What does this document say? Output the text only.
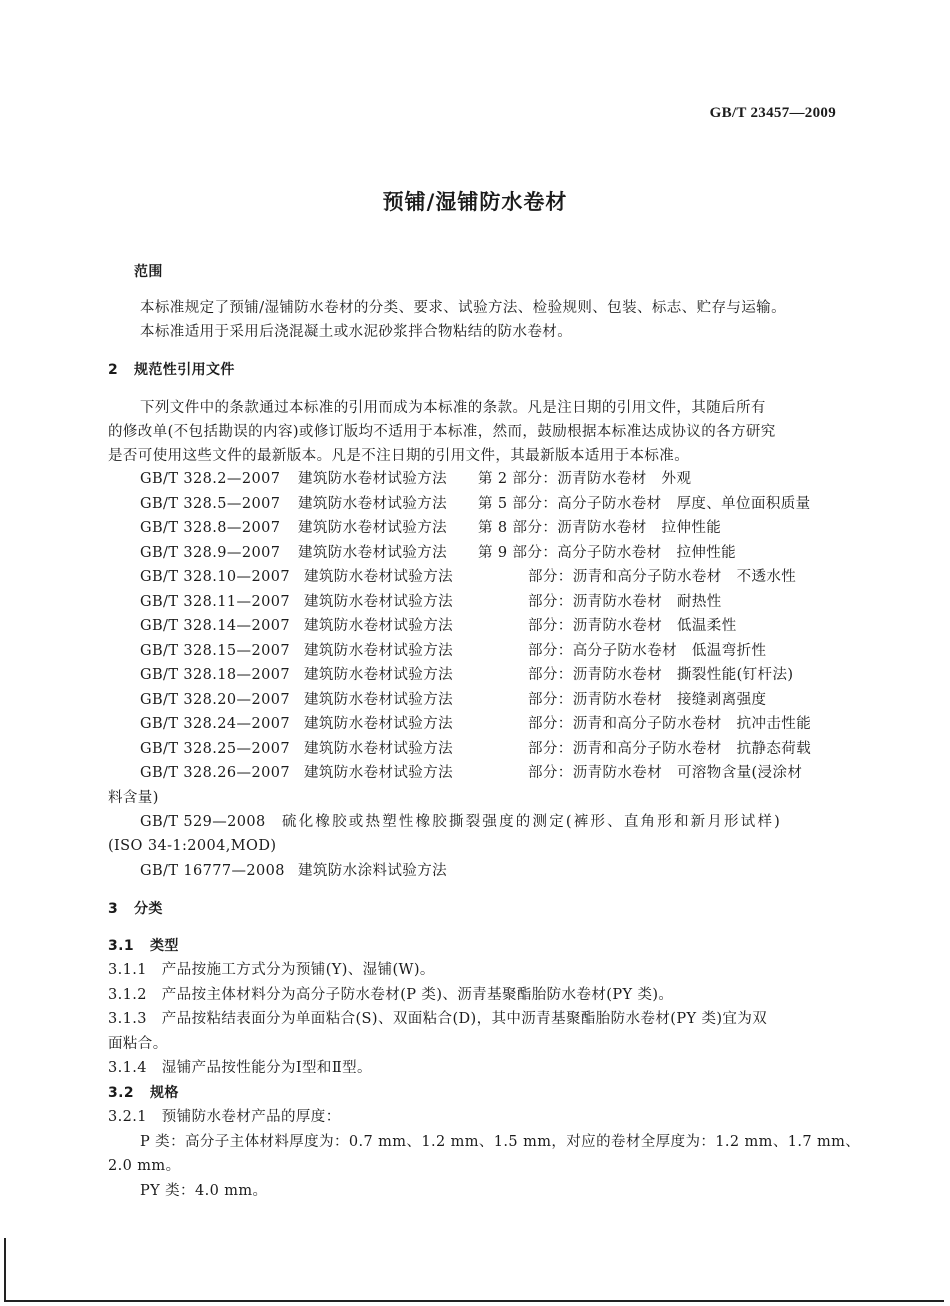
GB/T 23457—2009
预铺/湿铺防水卷材
范围
本标准规定了预铺/湿铺防水卷材的分类、要求、试验方法、检验规则、包装、标志、贮存与运输。
本标准适用于采用后浇混凝土或水泥砂浆拌合物粘结的防水卷材。
2 规范性引用文件
下列文件中的条款通过本标准的引用而成为本标准的条款。凡是注日期的引用文件，其随后所有
的修改单(不包括勘误的内容)或修订版均不适用于本标准，然而，鼓励根据本标准达成协议的各方研究
是否可使用这些文件的最新版本。凡是不注日期的引用文件，其最新版本适用于本标准。
GB/T 328.2—2007 建筑防水卷材试验方法 第 2 部分：沥青防水卷材　外观
GB/T 328.5—2007 建筑防水卷材试验方法 第 5 部分：高分子防水卷材　厚度、单位面积质量
GB/T 328.8—2007 建筑防水卷材试验方法 第 8 部分：沥青防水卷材　拉伸性能
GB/T 328.9—2007 建筑防水卷材试验方法 第 9 部分：高分子防水卷材　拉伸性能
GB/T 328.10—2007 建筑防水卷材试验方法	部分：沥青和高分子防水卷材　不透水性
GB/T 328.11—2007 建筑防水卷材试验方法	部分：沥青防水卷材　耐热性
GB/T 328.14—2007 建筑防水卷材试验方法	部分：沥青防水卷材　低温柔性
GB/T 328.15—2007 建筑防水卷材试验方法	部分：高分子防水卷材　低温弯折性
GB/T 328.18—2007 建筑防水卷材试验方法	部分：沥青防水卷材　撕裂性能(钉杆法)
GB/T 328.20—2007 建筑防水卷材试验方法	部分：沥青防水卷材　接缝剥离强度
GB/T 328.24—2007 建筑防水卷材试验方法	部分：沥青和高分子防水卷材　抗冲击性能
GB/T 328.25—2007 建筑防水卷材试验方法	部分：沥青和高分子防水卷材　抗静态荷载
GB/T 328.26—2007 建筑防水卷材试验方法	部分：沥青防水卷材　可溶物含量(浸涂材
料含量)
GB/T 529—2008 硫化橡胶或热塑性橡胶撕裂强度的测定(裤形、直角形和新月形试样)
(ISO 34-1:2004,MOD)
GB/T 16777—2008 建筑防水涂料试验方法
3 分类
3.1 类型
3.1.1　产品按施工方式分为预铺(Y)、湿铺(W)。
3.1.2　产品按主体材料分为高分子防水卷材(P 类)、沥青基聚酯胎防水卷材(PY 类)。
3.1.3　产品按粘结表面分为单面粘合(S)、双面粘合(D)，其中沥青基聚酯胎防水卷材(PY 类)宜为双
面粘合。
3.1.4　湿铺产品按性能分为Ⅰ型和Ⅱ型。
3.2 规格
3.2.1　预铺防水卷材产品的厚度：
P 类：高分子主体材料厚度为：0.7 mm、1.2 mm、1.5 mm，对应的卷材全厚度为：1.2 mm、1.7 mm、
2.0 mm。
PY 类：4.0 mm。
